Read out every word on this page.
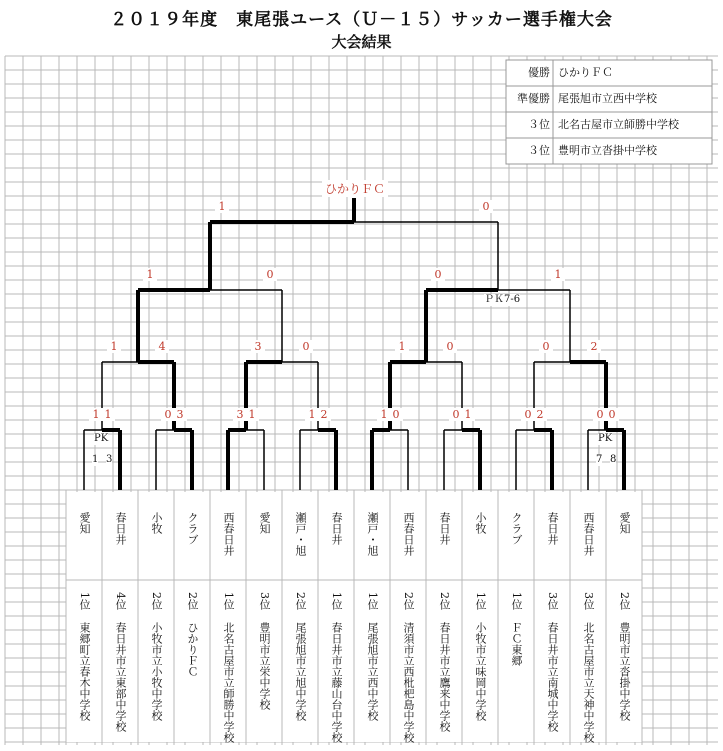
２０１９年度　東尾張ユース（Ｕ－１５）サッカー選手権大会
大会結果
優勝 ひかりＦＣ
準優勝 尾張旭市立西中学校
３位 北名古屋市立師勝中学校
３位 豊明市立沓掛中学校
1 1
PK
1 3
0 3	3 1	1 2	1 0	0 1	0 2	0 0
PK
7 8
1	4	3	0	1	0	0	2
1	0	0	1
ＰＫ7-6
1	0
ひかりＦＣ
愛知
1位
東郷町立春木中学校
春日井
4位
春日井市立東部中学校
小牧
2位
小牧市立小牧中学校
クラブ
2位
ひかりＦＣ
西春日井
1位
北名古屋市立師勝中学校
愛知
3位
豊明市立栄中学校
瀬戸・旭
2位
尾張旭市立旭中学校
春日井
1位
春日井市立藤山台中学校
瀬戸・旭
1位
尾張旭市立西中学校
西春日井
2位
清須市立西枇杷島中学校
春日井
2位
春日井市立鷹来中学校
小牧
1位
小牧市立味岡中学校
クラブ
1位
ＦＣ東郷
春日井
3位
春日井市立南城中学校
西春日井
3位
北名古屋市立天神中学校
愛知
2位
豊明市立沓掛中学校
